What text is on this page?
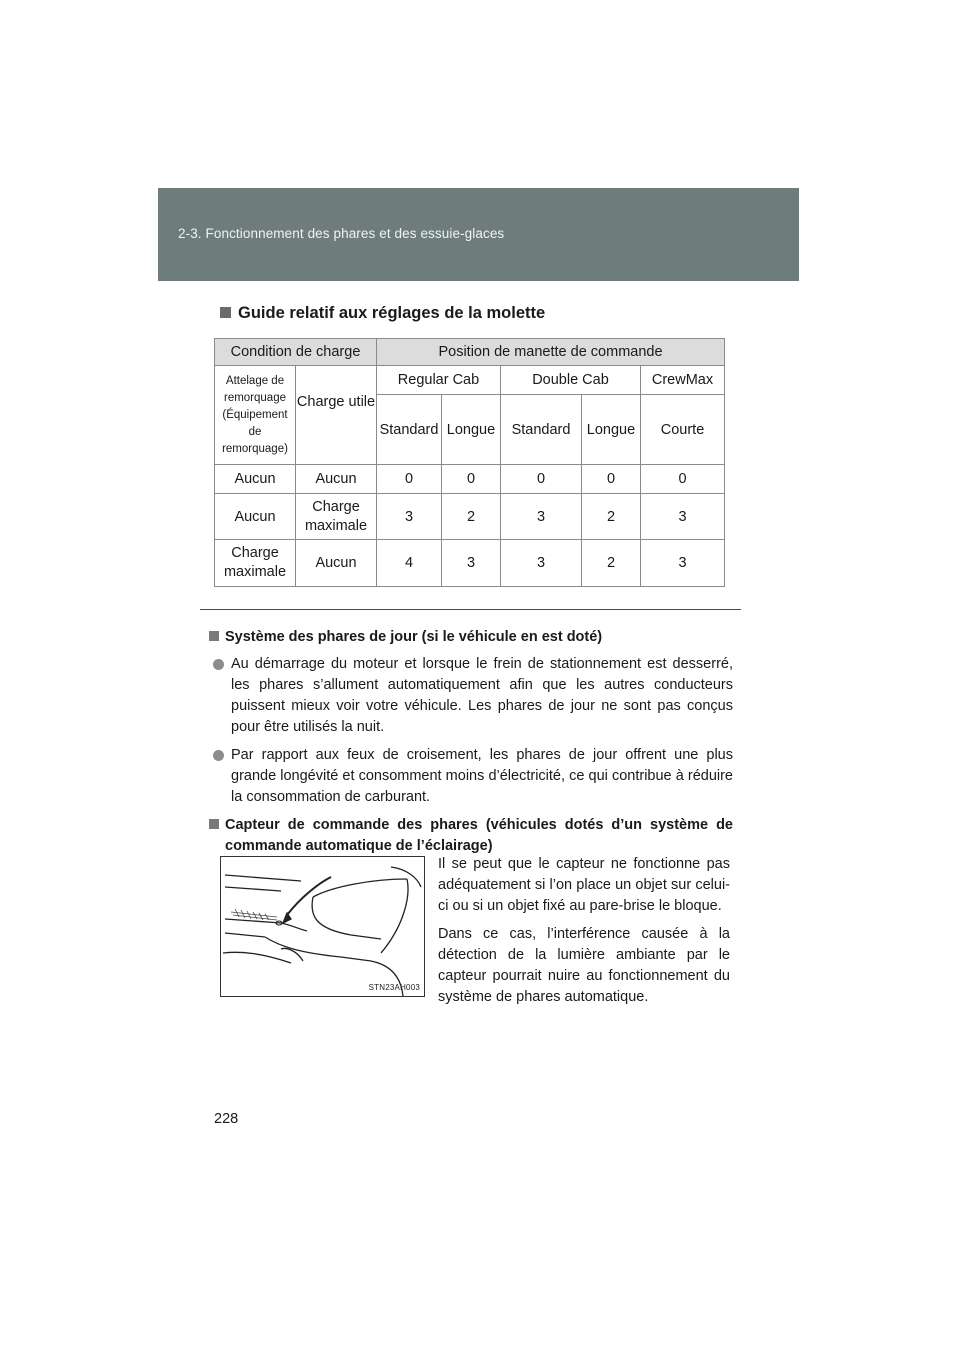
2-3. Fonctionnement des phares et des essuie-glaces
Guide relatif aux réglages de la molette
Condition de charge		Position de manette de commande				
Attelage de remorquage (Équipement de remorquage)	Charge utile	Regular Cab		Double Cab		CrewMax
		Standard	Longue	Standard	Longue	Courte
Aucun	Aucun	0	0	0	0	0
Aucun	Charge maximale	3	2	3	2	3
Charge maximale	Aucun	4	3	3	2	3
Système des phares de jour (si le véhicule en est doté)
Au démarrage du moteur et lorsque le frein de stationnement est desserré, les phares s’allument automatiquement afin que les autres conducteurs puissent mieux voir votre véhicule. Les phares de jour ne sont pas conçus pour être utilisés la nuit.
Par rapport aux feux de croisement, les phares de jour offrent une plus grande longévité et consomment moins d’électricité, ce qui contribue à réduire la consommation de carburant.
Capteur de commande des phares (véhicules dotés d’un système de commande automatique de l’éclairage)
STN23AH003

Il se peut que le capteur ne fonctionne pas adéquatement si l’on place un objet sur celui-ci ou si un objet fixé au pare-brise le bloque.

Dans ce cas, l’interférence causée à la détection de la lumière ambiante par le capteur pourrait nuire au fonctionnement du système de phares automatique.

228
